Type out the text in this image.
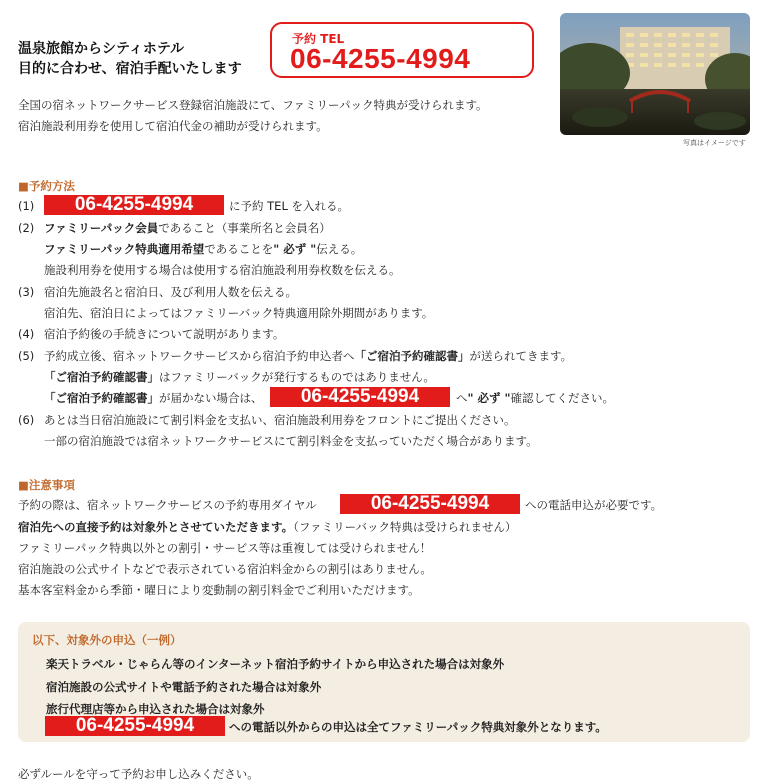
温泉旅館からシティホテル
目的に合わせ、宿泊手配いたします
予約 TEL
06-4255-4994
写真はイメージです
全国の宿ネットワークサービス登録宿泊施設にて、ファミリーパック特典が受けられます。
宿泊施設利用券を使用して宿泊代金の補助が受けられます。
■予約方法
(1)	06-4255-4994	に予約 TEL を入れる。
(2) ファミリーパック会員であること（事業所名と会員名）
ファミリーパック特典適用希望であることを" 必ず "伝える。
施設利用券を使用する場合は使用する宿泊施設利用券枚数を伝える。
(3) 宿泊先施設名と宿泊日、及び利用人数を伝える。
宿泊先、宿泊日によってはファミリーバック特典適用除外期間があります。
(4) 宿泊予約後の手続きについて説明があります。
(5) 予約成立後、宿ネットワークサービスから宿泊予約申込者へ「ご宿泊予約確認書」が送られてきます。
「ご宿泊予約確認書」はファミリーバックが発行するものではありません。
「ご宿泊予約確認書」が届かない場合は、	06-4255-4994	へ" 必ず "確認してください。
(6) あとは当日宿泊施設にて割引料金を支払い、宿泊施設利用券をフロントにご提出ください。
一部の宿泊施設では宿ネットワークサービスにて割引料金を支払っていただく場合があります。
■注意事項
予約の際は、宿ネットワークサービスの予約専用ダイヤル	06-4255-4994	への電話申込が必要です。
宿泊先への直接予約は対象外とさせていただきます。（ファミリーバック特典は受けられません）
ファミリーパック特典以外との割引・サービス等は重複しては受けられません！
宿泊施設の公式サイトなどで表示されている宿泊料金からの割引はありません。
基本客室料金から季節・曜日により変動制の割引料金でご利用いただけます。
以下、対象外の申込（一例）
楽天トラベル・じゃらん等のインターネット宿泊予約サイトから申込された場合は対象外
宿泊施設の公式サイトや電話予約された場合は対象外
旅行代理店等から申込された場合は対象外
06-4255-4994	への電話以外からの申込は全てファミリーパック特典対象外となります。
必ずルールを守って予約お申し込みください。
